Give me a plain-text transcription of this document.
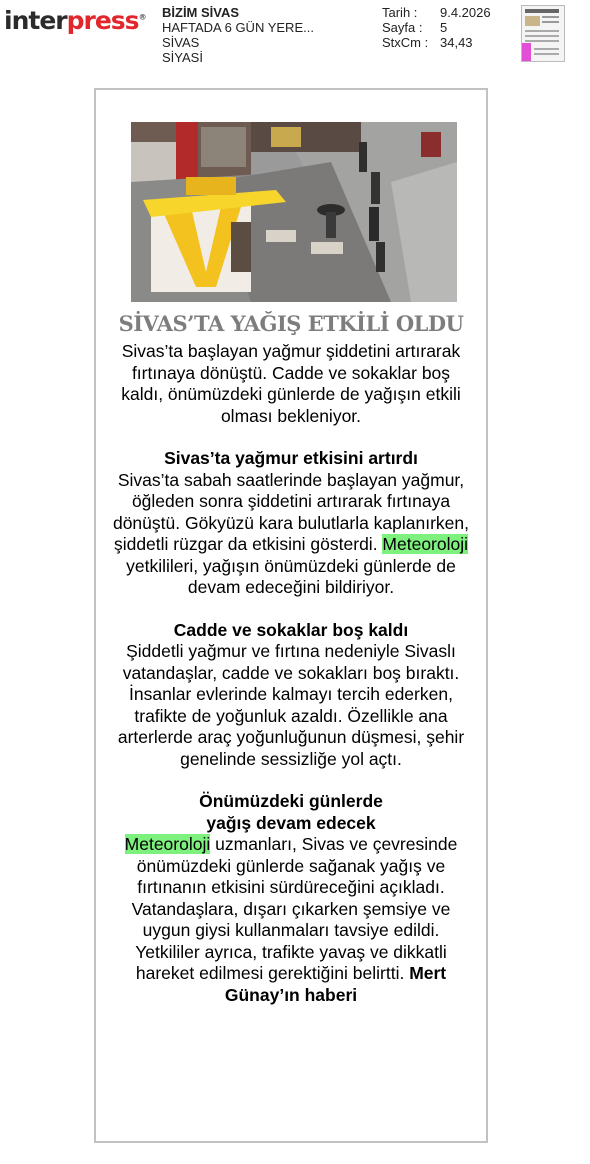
interpress® BİZİM SİVAS
HAFTADA 6 GÜN YERE...
SİVAS
SİYASİ
Tarih :	9.4.2026
Sayfa :	5
StxCm : 34,43
SİVAS’TA YAĞIŞ ETKİLİ OLDU

Sivas’ta başlayan yağmur şiddetini artırarak fırtınaya dönüştü. Cadde ve sokaklar boş kaldı, önümüzdeki günlerde de yağışın etkili olması bekleniyor.

Sivas’ta yağmur etkisini artırdı

Sivas’ta sabah saatlerinde başlayan yağmur, öğleden sonra şiddetini artırarak fırtınaya dönüştü. Gökyüzü kara bulutlarla kaplanırken, şiddetli rüzgar da etkisini gösterdi. Meteoroloji yetkilileri, yağışın önümüzdeki günlerde de devam edeceğini bildiriyor.

Cadde ve sokaklar boş kaldı

Şiddetli yağmur ve fırtına nedeniyle Sivaslı vatandaşlar, cadde ve sokakları boş bıraktı. İnsanlar evlerinde kalmayı tercih ederken, trafikte de yoğunluk azaldı. Özellikle ana arterlerde araç yoğunluğunun düşmesi, şehir genelinde sessizliğe yol açtı.

Önümüzdeki günlerde
yağış devam edecek

Meteoroloji uzmanları, Sivas ve çevresinde önümüzdeki günlerde sağanak yağış ve fırtınanın etkisini sürdüreceğini açıkladı. Vatandaşlara, dışarı çıkarken şemsiye ve uygun giysi kullanmaları tavsiye edildi. Yetkililer ayrıca, trafikte yavaş ve dikkatli hareket edilmesi gerektiğini belirtti. Mert Günay’ın haberi
